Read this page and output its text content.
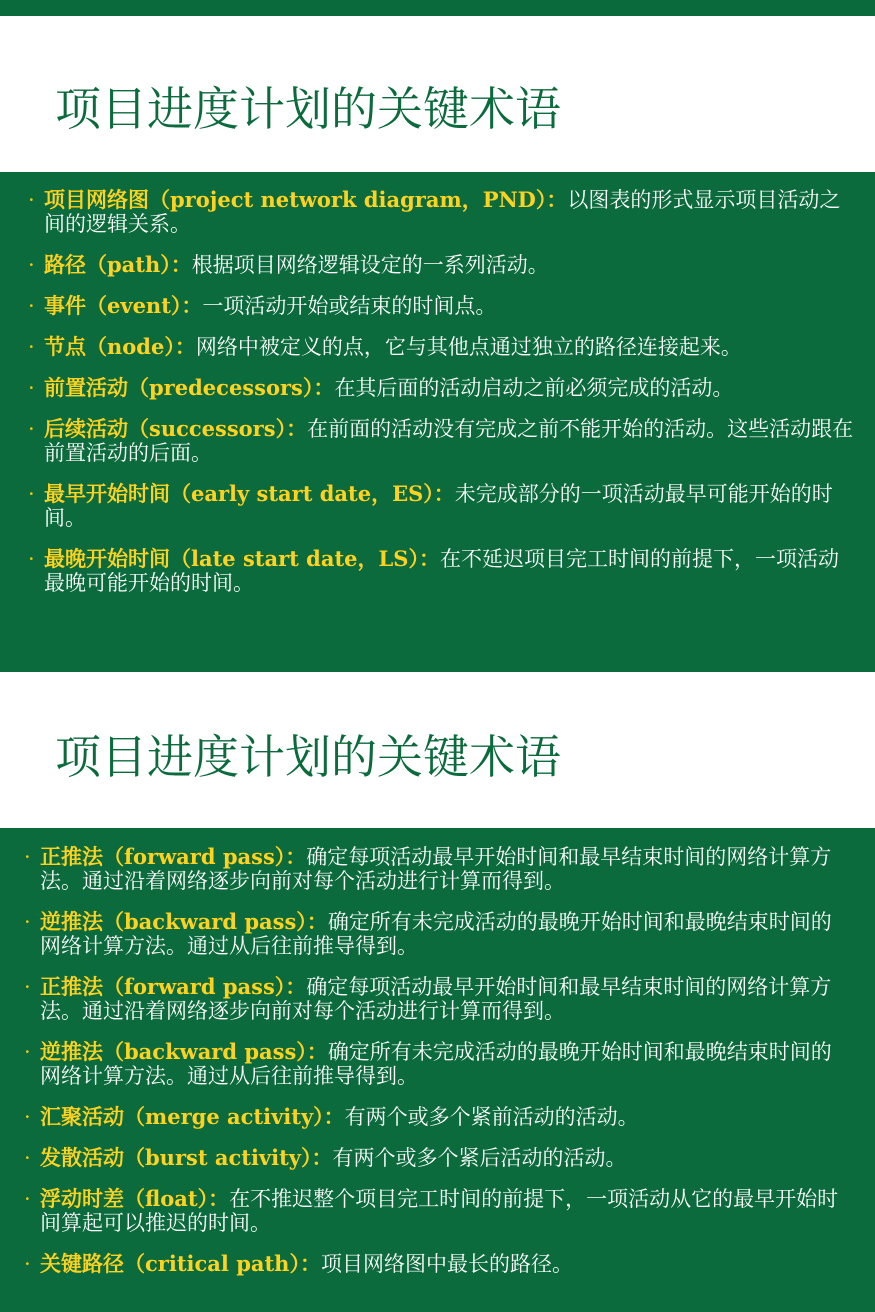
项目进度计划的关键术语
· 项目网络图（project network diagram，PND）：以图表的形式显示项目活动之间的逻辑关系。
· 路径（path）：根据项目网络逻辑设定的一系列活动。
· 事件（event）：一项活动开始或结束的时间点。
· 节点（node）：网络中被定义的点，它与其他点通过独立的路径连接起来。
· 前置活动（predecessors）：在其后面的活动启动之前必须完成的活动。
· 后续活动（successors）：在前面的活动没有完成之前不能开始的活动。这些活动跟在前置活动的后面。
· 最早开始时间（early start date，ES）：未完成部分的一项活动最早可能开始的时间。
· 最晚开始时间（late start date，LS）：在不延迟项目完工时间的前提下，一项活动最晚可能开始的时间。
项目进度计划的关键术语
· 正推法（forward pass）：确定每项活动最早开始时间和最早结束时间的网络计算方法。通过沿着网络逐步向前对每个活动进行计算而得到。
· 逆推法（backward pass）：确定所有未完成活动的最晚开始时间和最晚结束时间的网络计算方法。通过从后往前推导得到。
· 正推法（forward pass）：确定每项活动最早开始时间和最早结束时间的网络计算方法。通过沿着网络逐步向前对每个活动进行计算而得到。
· 逆推法（backward pass）：确定所有未完成活动的最晚开始时间和最晚结束时间的网络计算方法。通过从后往前推导得到。
· 汇聚活动（merge activity）：有两个或多个紧前活动的活动。
· 发散活动（burst activity）：有两个或多个紧后活动的活动。
· 浮动时差（float）：在不推迟整个项目完工时间的前提下，一项活动从它的最早开始时间算起可以推迟的时间。
· 关键路径（critical path）：项目网络图中最长的路径。
